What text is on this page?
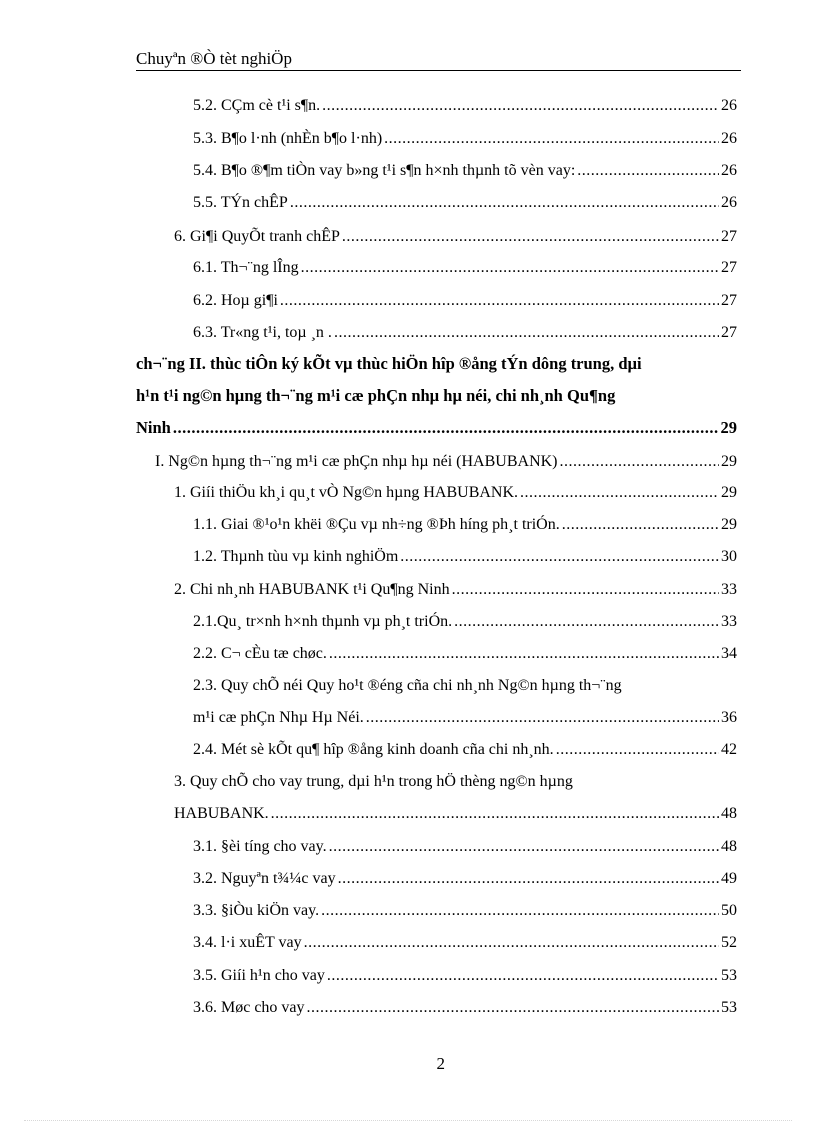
Chuyªn ®Ò tèt nghiÖp
5.2. CÇm cè t¹i s¶n. .....	26
5.3. B¶o l·nh (nhÈn b¶o l·nh) .....	26
5.4. B¶o ®¶m tiÒn vay b»ng t¹i s¶n h×nh thµnh tõ vèn vay: .....	26
5.5. TÝn chÊP .....	26
6. Gi¶i QuyÕt tranh chÊP .....	27
6.1. Th¬¨ng lÎng .....	27
6.2. Hoµ gi¶i .....	27
6.3. Tr«ng t¹i, toµ ¸n . .....	27
ch¬¨ng II. thùc tiÔn ký kÕt vµ thùc hiÖn hîp ®ång tÝn dông trung, dµi
h¹n t¹i ng©n hµng th¬¨ng m¹i cæ phÇn nhµ hµ néi, chi nh¸nh Qu¶ng
Ninh .....	29
I. Ng©n hµng th¬¨ng m¹i cæ phÇn nhµ hµ néi (HABUBANK) .....	29
1. Giíi thiÖu kh¸i qu¸t vÒ Ng©n hµng HABUBANK. .....	29
1.1. Giai ®¹o¹n khëi ®Çu vµ nh÷ng ®Þh híng ph¸t triÓn. .....	29
1.2. Thµnh tùu vµ kinh nghiÖm .....	30
2. Chi nh¸nh HABUBANK t¹i Qu¶ng Ninh .....	33
2.1.Qu¸ tr×nh h×nh thµnh vµ ph¸t triÓn. .....	33
2.2. C¬ cÈu tæ chøc. .....	34
2.3. Quy chÕ néi Quy ho¹t ®éng cña chi nh¸nh Ng©n hµng th¬¨ng
m¹i cæ phÇn Nhµ Hµ Néi. .....	36
2.4. Mét sè kÕt qu¶ hîp ®ång kinh doanh cña chi nh¸nh. .....	42
3. Quy chÕ cho vay trung, dµi h¹n trong hÖ thèng ng©n hµng
HABUBANK. .....	48
3.1. §èi tíng cho vay. .....	48
3.2. Nguyªn t¾¼c vay .....	49
3.3. §iÒu kiÖn vay. .....	50
3.4. l·i xuÊT vay .....	52
3.5. Giíi h¹n cho vay .....	53
3.6. Møc cho vay .....	53
2
